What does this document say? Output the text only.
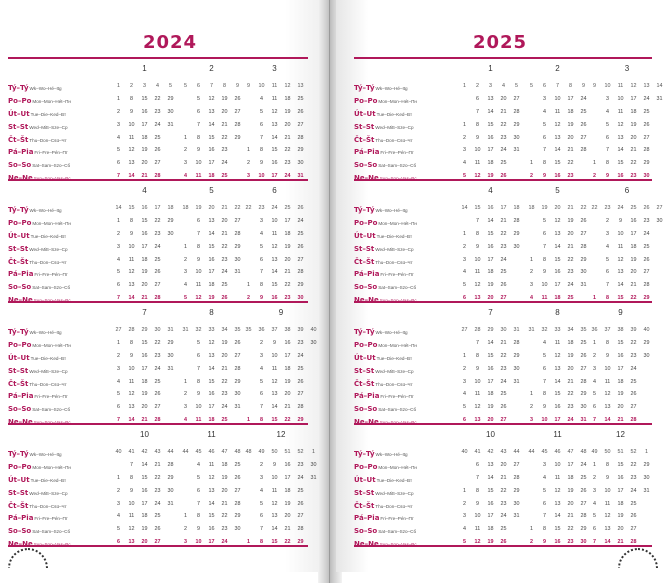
2024
Tý–TýWk–Wo–Hé–Itg
Po–PoMon–Mon–Hét–Пн
Út–UtTue–Die–Ked–Вт
St–StWed–Mitt–Sze–Ср
Čt–ŠtThu–Don–Csü–Чт
Pá–PiaFri–Fre–Pén–Пт
So–SoSat–Sam–Szo–Сб
Ne–NeSun–Son–Vas–Вс
1
1	2	3	4	5
1	8	15	22	29
2	9	16	23	30
3	10	17	24	31
4	11	18	25
5	12	19	26
6	13	20	27
7	14	21	28
2
5	6	7	8	9
5	12	19	26
6	13	20	27
7	14	21	28
1	8	15	22	29
2	9	16	23
3	10	17	24
4	11	18	25
3
9	10	11	12	13
4	11	18	25
5	12	19	26
6	13	20	27
7	14	21	28
1	8	15	22	29
2	9	16	23	30
3	10	17	24	31
Tý–TýWk–Wo–Hé–Itg
Po–PoMon–Mon–Hét–Пн
Út–UtTue–Die–Ked–Вт
St–StWed–Mitt–Sze–Ср
Čt–ŠtThu–Don–Csü–Чт
Pá–PiaFri–Fre–Pén–Пт
So–SoSat–Sam–Szo–Сб
Ne–NeSun–Son–Vas–Вс
4
14	15	16	17	18
1	8	15	22	29
2	9	16	23	30
3	10	17	24
4	11	18	25
5	12	19	26
6	13	20	27
7	14	21	28
5
18	19	20	21	22
6	13	20	27
7	14	21	28
1	8	15	22	29
2	9	16	23	30
3	10	17	24	31
4	11	18	25
5	12	19	26
6
22	23	24	25	26
3	10	17	24
4	11	18	25
5	12	19	26
6	13	20	27
7	14	21	28
1	8	15	22	29
2	9	16	23	30
Tý–TýWk–Wo–Hé–Itg
Po–PoMon–Mon–Hét–Пн
Út–UtTue–Die–Ked–Вт
St–StWed–Mitt–Sze–Ср
Čt–ŠtThu–Don–Csü–Чт
Pá–PiaFri–Fre–Pén–Пт
So–SoSat–Sam–Szo–Сб
Ne–NeSun–Son–Vas–Вс
7
27	28	29	30	31
1	8	15	22	29
2	9	16	23	30
3	10	17	24	31
4	11	18	25
5	12	19	26
6	13	20	27
7	14	21	28
8
31	32	33	34	35
5	12	19	26
6	13	20	27
7	14	21	28
1	8	15	22	29
2	9	16	23	30
3	10	17	24	31
4	11	18	25
9
35	36	37	38	39	40
2	9	16	23	30
3	10	17	24
4	11	18	25
5	12	19	26
6	13	20	27
7	14	21	28
1	8	15	22	29
Tý–TýWk–Wo–Hé–Itg
Po–PoMon–Mon–Hét–Пн
Út–UtTue–Die–Ked–Вт
St–StWed–Mitt–Sze–Ср
Čt–ŠtThu–Don–Csü–Чт
Pá–PiaFri–Fre–Pén–Пт
So–SoSat–Sam–Szo–Сб
Ne–NeSun–Son–Vas–Вс
10
40	41	42	43	44
7	14	21	28
1	8	15	22	29
2	9	16	23	30
3	10	17	24	31
4	11	18	25
5	12	19	26
6	13	20	27
11
44	45	46	47	48
4	11	18	25
5	12	19	26
6	13	20	27
7	14	21	28
1	8	15	22	29
2	9	16	23	30
3	10	17	24
12
48	49	50	51	52	1
2	9	16	23	30
3	10	17	24	31
4	11	18	25
5	12	19	26
6	13	20	27
7	14	21	28
1	8	15	22	29
2025
Tý–TýWk–Wo–Hé–Itg
Po–PoMon–Mon–Hét–Пн
Út–UtTue–Die–Ked–Вт
St–StWed–Mitt–Sze–Ср
Čt–ŠtThu–Don–Csü–Чт
Pá–PiaFri–Fre–Pén–Пт
So–SoSat–Sam–Szo–Сб
Ne–NeSun–Son–Vas–Вс
1
1	2	3	4	5
6	13	20	27
7	14	21	28
1	8	15	22	29
2	9	16	23	30
3	10	17	24	31
4	11	18	25
5	12	19	26
2
5	6	7	8	9
3	10	17	24
4	11	18	25
5	12	19	26
6	13	20	27
7	14	21	28
1	8	15	22
2	9	16	23
3
9	10	11	12	13	14
3	10	17	24	31
4	11	18	25
5	12	19	26
6	13	20	27
7	14	21	28
1	8	15	22	29
2	9	16	23	30
Tý–TýWk–Wo–Hé–Itg
Po–PoMon–Mon–Hét–Пн
Út–UtTue–Die–Ked–Вт
St–StWed–Mitt–Sze–Ср
Čt–ŠtThu–Don–Csü–Чт
Pá–PiaFri–Fre–Pén–Пт
So–SoSat–Sam–Szo–Сб
Ne–NeSun–Son–Vas–Вс
4
14	15	16	17	18
7	14	21	28
1	8	15	22	29
2	9	16	23	30
3	10	17	24
4	11	18	25
5	12	19	26
6	13	20	27
5
18	19	20	21	22
5	12	19	26
6	13	20	27
7	14	21	28
1	8	15	22	29
2	9	16	23	30
3	10	17	24	31
4	11	18	25
6
22	23	24	25	26	27
2	9	16	23	30
3	10	17	24
4	11	18	25
5	12	19	26
6	13	20	27
7	14	21	28
1	8	15	22	29
Tý–TýWk–Wo–Hé–Itg
Po–PoMon–Mon–Hét–Пн
Út–UtTue–Die–Ked–Вт
St–StWed–Mitt–Sze–Ср
Čt–ŠtThu–Don–Csü–Чт
Pá–PiaFri–Fre–Pén–Пт
So–SoSat–Sam–Szo–Сб
Ne–NeSun–Son–Vas–Вс
7
27	28	29	30	31
7	14	21	28
1	8	15	22	29
2	9	16	23	30
3	10	17	24	31
4	11	18	25
5	12	19	26
6	13	20	27
8
31	32	33	34	35
4	11	18	25
5	12	19	26
6	13	20	27
7	14	21	28
1	8	15	22	29
2	9	16	23	30
3	10	17	24	31
9
36	37	38	39	40
1	8	15	22	29
2	9	16	23	30
3	10	17	24
4	11	18	25
5	12	19	26
6	13	20	27
7	14	21	28
Tý–TýWk–Wo–Hé–Itg
Po–PoMon–Mon–Hét–Пн
Út–UtTue–Die–Ked–Вт
St–StWed–Mitt–Sze–Ср
Čt–ŠtThu–Don–Csü–Чт
Pá–PiaFri–Fre–Pén–Пт
So–SoSat–Sam–Szo–Сб
Ne–NeSun–Son–Vas–Вс
10
40	41	42	43	44
6	13	20	27
7	14	21	28
1	8	15	22	29
2	9	16	23	30
3	10	17	24	31
4	11	18	25
5	12	19	26
11
44	45	46	47	48
3	10	17	24
4	11	18	25
5	12	19	26
6	13	20	27
7	14	21	28
1	8	15	22	29
2	9	16	23	30
12
49	50	51	52	1
1	8	15	22	29
2	9	16	23	30
3	10	17	24	31
4	11	18	25
5	12	19	26
6	13	20	27
7	14	21	28
